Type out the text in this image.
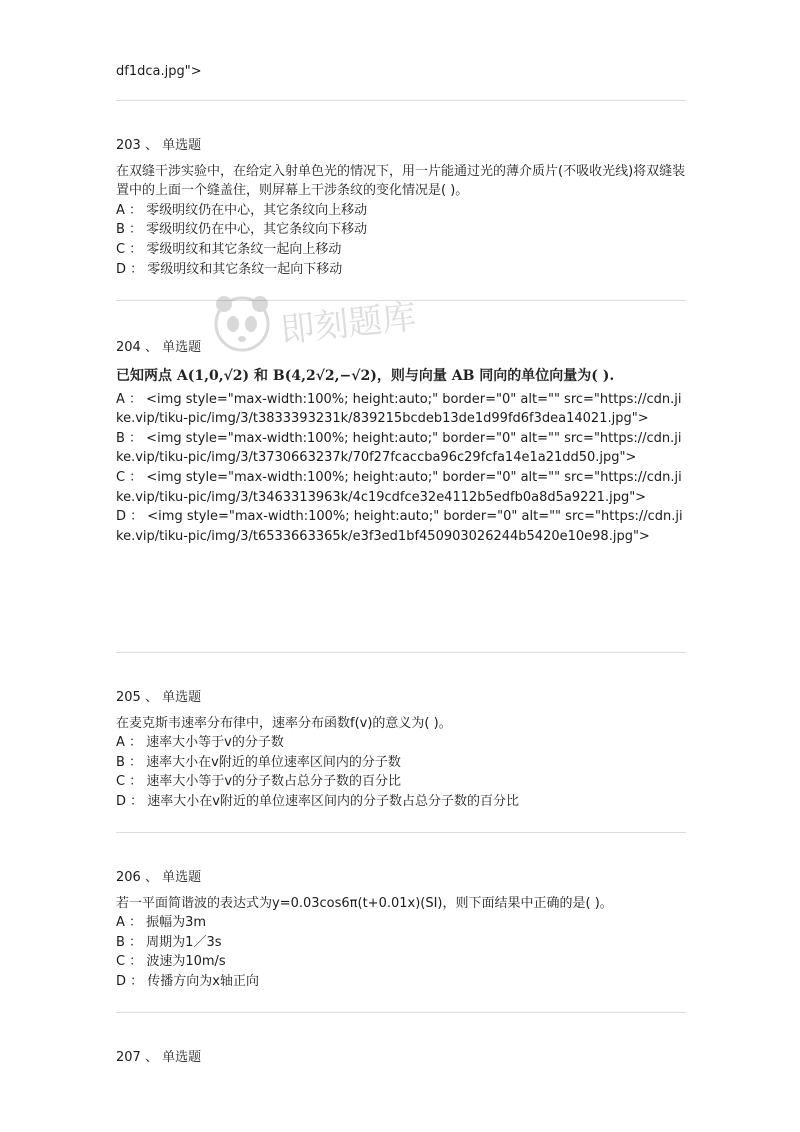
df1dca.jpg">
203 、 单选题
在双缝干涉实验中，在给定入射单色光的情况下，用一片能通过光的薄介质片(不吸收光线)将双缝装置中的上面一个缝盖住，则屏幕上干涉条纹的变化情况是( )。
A ： 零级明纹仍在中心，其它条纹向上移动
B ： 零级明纹仍在中心，其它条纹向下移动
C ： 零级明纹和其它条纹一起向上移动
D ： 零级明纹和其它条纹一起向下移动
即刻题库
204 、 单选题
已知两点 A(1,0,√2) 和 B(4,2√2,−√2)，则与向量 AB 同向的单位向量为( ).
A ： <img style="max-width:100%; height:auto;" border="0" alt="" src="https://cdn.jike.vip/tiku-pic/img/3/t3833393231k/839215bcdeb13de1d99fd6f3dea14021.jpg">
B ： <img style="max-width:100%; height:auto;" border="0" alt="" src="https://cdn.jike.vip/tiku-pic/img/3/t3730663237k/70f27fcaccba96c29fcfa14e1a21dd50.jpg">
C ： <img style="max-width:100%; height:auto;" border="0" alt="" src="https://cdn.jike.vip/tiku-pic/img/3/t3463313963k/4c19cdfce32e4112b5edfb0a8d5a9221.jpg">
D ： <img style="max-width:100%; height:auto;" border="0" alt="" src="https://cdn.jike.vip/tiku-pic/img/3/t6533663365k/e3f3ed1bf450903026244b5420e10e98.jpg">
205 、 单选题
在麦克斯韦速率分布律中，速率分布函数f(v)的意义为( )。
A ： 速率大小等于v的分子数
B ： 速率大小在v附近的单位速率区间内的分子数
C ： 速率大小等于v的分子数占总分子数的百分比
D ： 速率大小在v附近的单位速率区间内的分子数占总分子数的百分比
206 、 单选题
若一平面简谐波的表达式为y=0.03cos6π(t+0.01x)(SI)，则下面结果中正确的是( )。
A ： 振幅为3m
B ： 周期为1／3s
C ： 波速为10m/s
D ： 传播方向为x轴正向
207 、 单选题
